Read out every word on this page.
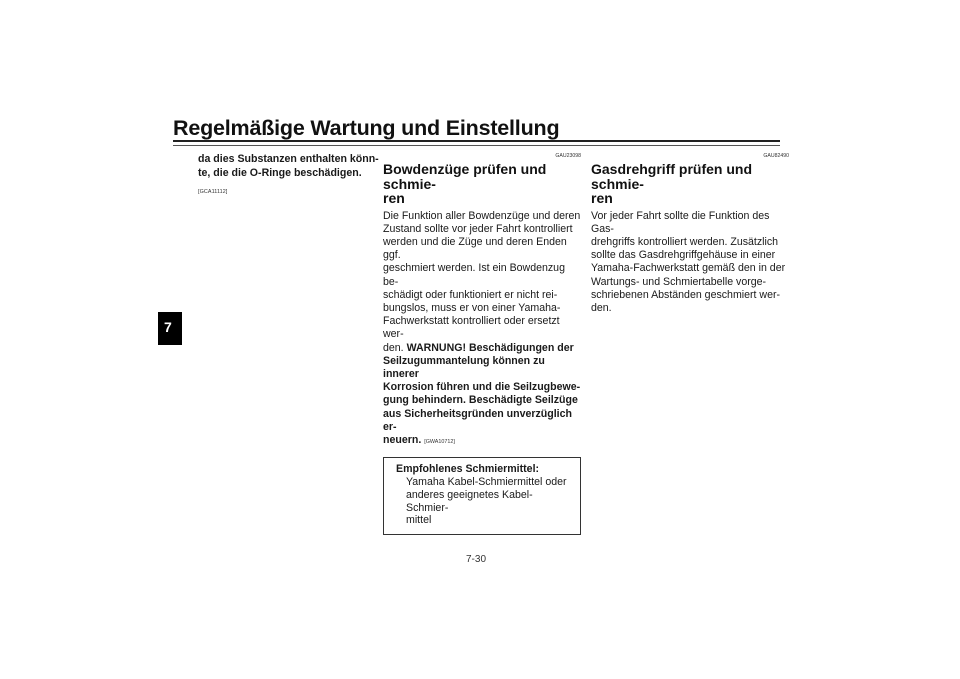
Regelmäßige Wartung und Einstellung
7
da dies Substanzen enthalten könn-
te, die die O-Ringe beschädigen.
[GCA11112]
GAU23098
Bowdenzüge prüfen und schmie-
ren
Die Funktion aller Bowdenzüge und deren
Zustand sollte vor jeder Fahrt kontrolliert
werden und die Züge und deren Enden ggf.
geschmiert werden. Ist ein Bowdenzug be-
schädigt oder funktioniert er nicht rei-
bungslos, muss er von einer Yamaha-
Fachwerkstatt kontrolliert oder ersetzt wer-
den. WARNUNG! Beschädigungen der
Seilzugummantelung können zu innerer
Korrosion führen und die Seilzugbewe-
gung behindern. Beschädigte Seilzüge
aus Sicherheitsgründen unverzüglich er-
neuern. [GWA10712]
Empfohlenes Schmiermittel:
Yamaha Kabel-Schmiermittel oder
anderes geeignetes Kabel-Schmier-
mittel
GAU82490
Gasdrehgriff prüfen und schmie-
ren
Vor jeder Fahrt sollte die Funktion des Gas-
drehgriffs kontrolliert werden. Zusätzlich
sollte das Gasdrehgriffgehäuse in einer
Yamaha-Fachwerkstatt gemäß den in der
Wartungs- und Schmiertabelle vorge-
schriebenen Abständen geschmiert wer-
den.
7-30
